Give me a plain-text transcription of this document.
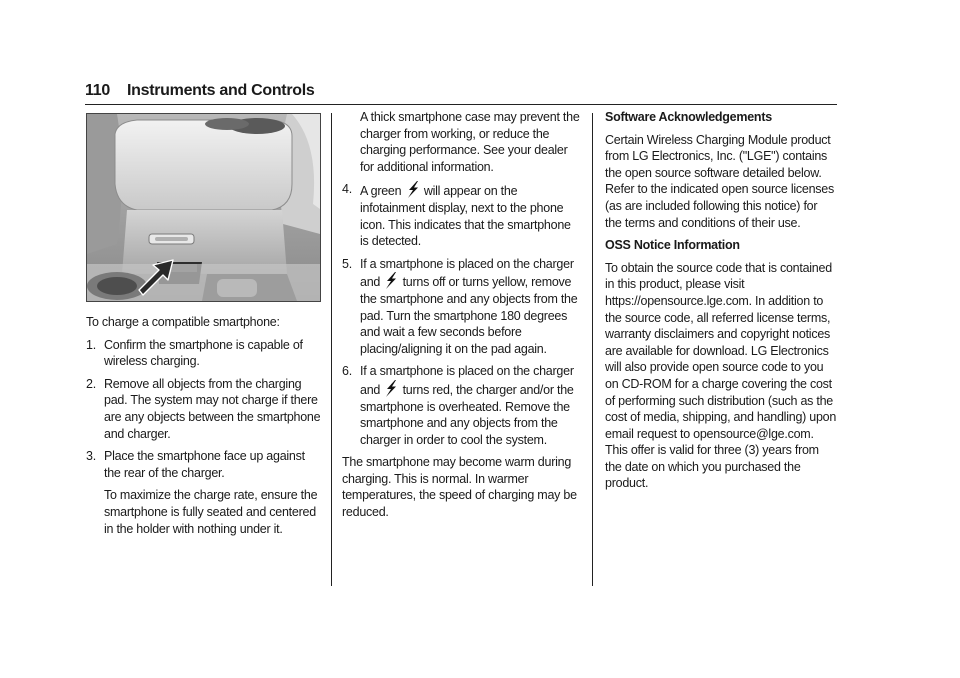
110 Instruments and Controls

To charge a compatible smartphone:

1. Confirm the smartphone is capable of wireless charging.
2. Remove all objects from the charging pad. The system may not charge if there are any objects between the smartphone and charger.
3. Place the smartphone face up against the rear of the charger.
To maximize the charge rate, ensure the smartphone is fully seated and centered in the holder with nothing under it.
A thick smartphone case may prevent the charger from working, or reduce the charging performance. See your dealer for additional information.
4. A green will appear on the infotainment display, next to the phone icon. This indicates that the smartphone is detected.
5. If a smartphone is placed on the charger and turns off or turns yellow, remove the smartphone and any objects from the pad. Turn the smartphone 180 degrees and wait a few seconds before placing/aligning it on the pad again.
6. If a smartphone is placed on the charger and turns red, the charger and/or the smartphone is overheated. Remove the smartphone and any objects from the charger in order to cool the system.

The smartphone may become warm during charging. This is normal. In warmer temperatures, the speed of charging may be reduced.

Software Acknowledgements

Certain Wireless Charging Module product from LG Electronics, Inc. ("LGE") contains the open source software detailed below. Refer to the indicated open source licenses (as are included following this notice) for the terms and conditions of their use.

OSS Notice Information

To obtain the source code that is contained in this product, please visit https://opensource.lge.com. In addition to the source code, all referred license terms, warranty disclaimers and copyright notices are available for download. LG Electronics will also provide open source code to you on CD-ROM for a charge covering the cost of performing such distribution (such as the cost of media, shipping, and handling) upon email request to opensource@lge.com. This offer is valid for three (3) years from the date on which you purchased the product.
